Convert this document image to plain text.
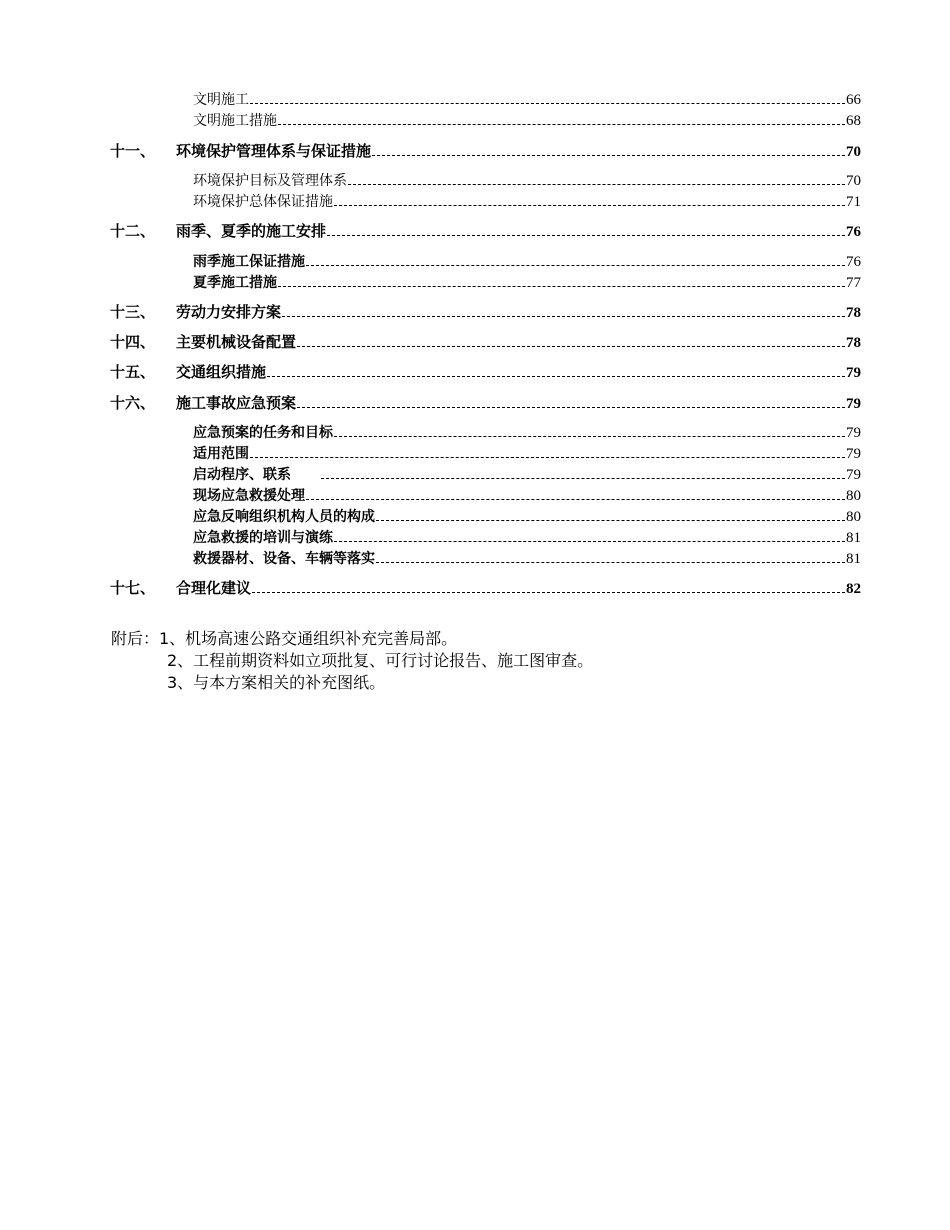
文明施工	66
文明施工措施	68
十一、	环境保护管理体系与保证措施	70
环境保护目标及管理体系	70
环境保护总体保证措施	71
十二、	雨季、夏季的施工安排	76
雨季施工保证措施	76
夏季施工措施	77
十三、	劳动力安排方案	78
十四、	主要机械设备配置	78
十五、	交通组织措施	79
十六、	施工事故应急预案	79
应急预案的任务和目标	79
适用范围	79
启动程序、联系	79
现场应急救援处理	80
应急反响组织机构人员的构成	80
应急救援的培训与演练	81
救援器材、设备、车辆等落实	81
十七、	合理化建议	82
附后：1、机场高速公路交通组织补充完善局部。
2、工程前期资料如立项批复、可行讨论报告、施工图审查。
3、与本方案相关的补充图纸。
